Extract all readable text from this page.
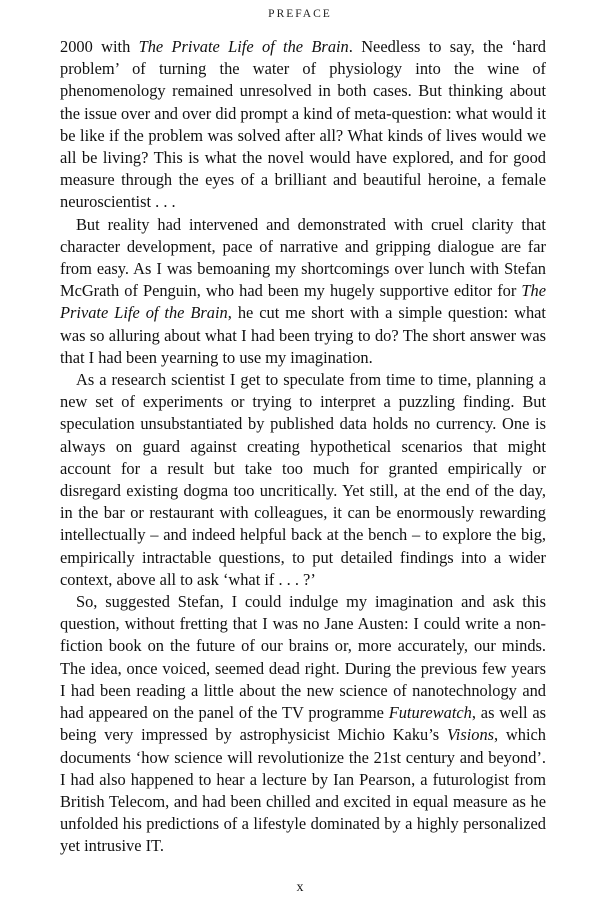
PREFACE

2000 with The Private Life of the Brain. Needless to say, the ‘hard problem’ of turning the water of physiology into the wine of phenomenology remained unresolved in both cases. But thinking about the issue over and over did prompt a kind of meta-question: what would it be like if the problem was solved after all? What kinds of lives would we all be living? This is what the novel would have explored, and for good measure through the eyes of a brilliant and beautiful heroine, a female neuroscientist . . .

But reality had intervened and demonstrated with cruel clarity that character development, pace of narrative and gripping dialogue are far from easy. As I was bemoaning my shortcomings over lunch with Stefan McGrath of Penguin, who had been my hugely supportive editor for The Private Life of the Brain, he cut me short with a simple question: what was so alluring about what I had been trying to do? The short answer was that I had been yearning to use my imagination.

As a research scientist I get to speculate from time to time, planning a new set of experiments or trying to interpret a puzzling finding. But speculation unsubstantiated by published data holds no currency. One is always on guard against creating hypothetical scenarios that might account for a result but take too much for granted empirically or disregard existing dogma too uncritically. Yet still, at the end of the day, in the bar or restaurant with colleagues, it can be enormously rewarding intellectually – and indeed helpful back at the bench – to explore the big, empirically intractable questions, to put detailed findings into a wider context, above all to ask ‘what if . . . ?’

So, suggested Stefan, I could indulge my imagination and ask this question, without fretting that I was no Jane Austen: I could write a non-fiction book on the future of our brains or, more accurately, our minds. The idea, once voiced, seemed dead right. During the previous few years I had been reading a little about the new science of nanotechnology and had appeared on the panel of the TV programme Futurewatch, as well as being very impressed by astrophysicist Michio Kaku’s Visions, which documents ‘how science will revolutionize the 21st century and beyond’. I had also happened to hear a lecture by Ian Pearson, a futurologist from British Telecom, and had been chilled and excited in equal measure as he unfolded his predictions of a lifestyle dominated by a highly personalized yet intrusive IT.

x
